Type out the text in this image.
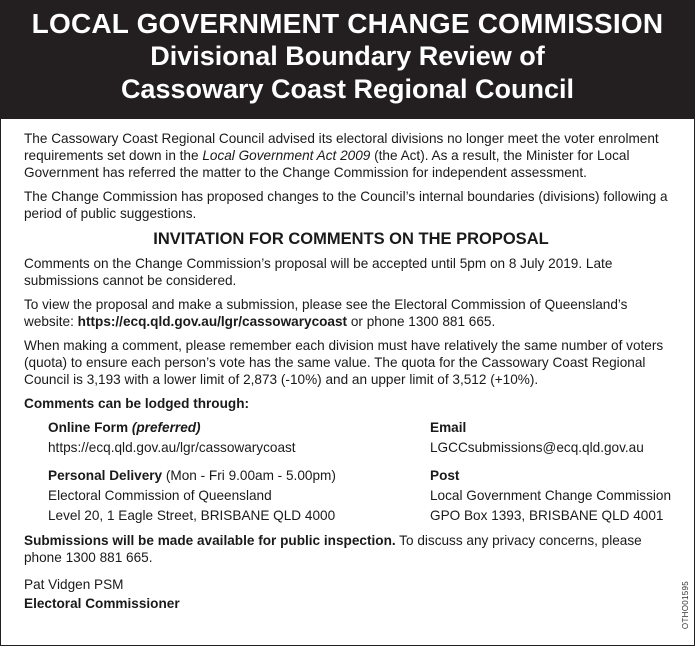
LOCAL GOVERNMENT CHANGE COMMISSION
Divisional Boundary Review of
Cassowary Coast Regional Council

The Cassowary Coast Regional Council advised its electoral divisions no longer meet the voter enrolment requirements set down in the Local Government Act 2009 (the Act). As a result, the Minister for Local Government has referred the matter to the Change Commission for independent assessment.

The Change Commission has proposed changes to the Council’s internal boundaries (divisions) following a period of public suggestions.

INVITATION FOR COMMENTS ON THE PROPOSAL

Comments on the Change Commission’s proposal will be accepted until 5pm on 8 July 2019. Late submissions cannot be considered.

To view the proposal and make a submission, please see the Electoral Commission of Queensland’s website: https://ecq.qld.gov.au/lgr/cassowarycoast or phone 1300 881 665.

When making a comment, please remember each division must have relatively the same number of voters (quota) to ensure each person’s vote has the same value. The quota for the Cassowary Coast Regional Council is 3,193 with a lower limit of 2,873 (-10%) and an upper limit of 3,512 (+10%).

Comments can be lodged through:

Online Form (preferred)
https://ecq.qld.gov.au/lgr/cassowarycoast
Email
LGCCsubmissions@ecq.qld.gov.au
Personal Delivery (Mon - Fri 9.00am - 5.00pm)
Electoral Commission of Queensland
Level 20, 1 Eagle Street, BRISBANE QLD 4000
Post
Local Government Change Commission
GPO Box 1393, BRISBANE QLD 4001

Submissions will be made available for public inspection. To discuss any privacy concerns, please phone 1300 881 665.

Pat Vidgen PSM
Electoral Commissioner	OTHO01595
